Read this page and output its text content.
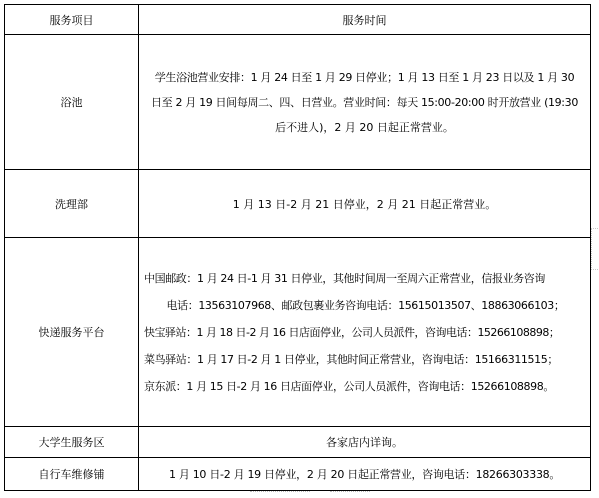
服务项目	服务时间
浴池	学生浴池营业安排：1 月 24 日至 1 月 29 日停业；1 月 13 日至 1 月 23 日以及 1 月 30
日至 2 月 19 日间每周二、四、日营业。营业时间：每天 15:00-20:00 时开放营业 (19:30
后不进人)，2 月 20 日起正常营业。

洗理部	1 月 13 日-2 月 21 日停业，2 月 21 日起正常营业。
快递服务平台	中国邮政：1 月 24 日-1 月 31 日停业，其他时间周一至周六正常营业，信报业务咨询
电话：13563107968、邮政包裹业务咨询电话：15615013507、18863066103；
快宝驿站：1 月 18 日-2 月 16 日店面停业，公司人员派件，咨询电话：15266108898；
菜鸟驿站：1 月 17 日-2 月 1 日停业，其他时间正常营业，咨询电话：15166311515；
京东派：1 月 15 日-2 月 16 日店面停业，公司人员派件，咨询电话：15266108898。

大学生服务区	各家店内详询。
自行车维修铺	1 月 10 日-2 月 19 日停业，2 月 20 日起正常营业，咨询电话：18266303338。
